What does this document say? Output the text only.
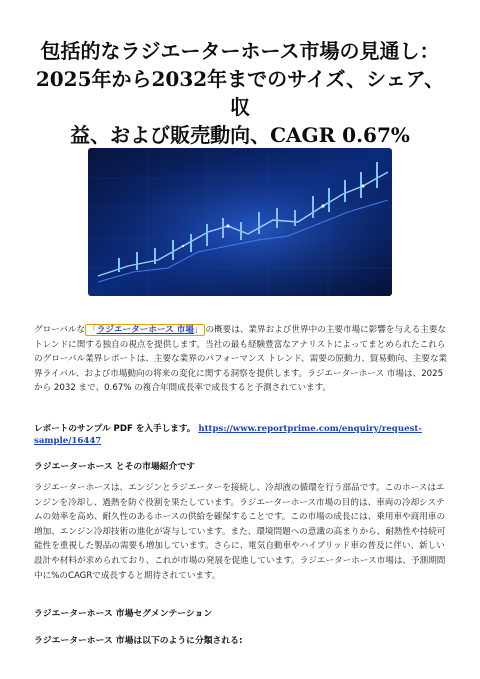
包括的なラジエーターホース市場の見通し：
2025年から2032年までのサイズ、シェア、収
益、および販売動向、CAGR 0.67%
グローバルな 「ラジエーターホース 市場」 の概要は、業界および世界中の主要市場に影響を与える主要なトレンドに関する独自の視点を提供します。当社の最も経験豊富なアナリストによってまとめられたこれらのグローバル業界レポートは、主要な業界のパフォーマンス トレンド、需要の原動力、貿易動向、主要な業界ライバル、および市場動向の将来の変化に関する洞察を提供します。ラジエーターホース 市場は、2025 から 2032 まで、0.67% の複合年間成長率で成長すると予測されています。
レポートのサンプル PDF を入手します。 https://www.reportprime.com/enquiry/request-sample/16447
ラジエーターホース とその市場紹介です
ラジエーターホースは、エンジンとラジエーターを接続し、冷却液の循環を行う部品です。このホースはエンジンを冷却し、過熱を防ぐ役割を果たしています。ラジエーターホース市場の目的は、車両の冷却システムの効率を高め、耐久性のあるホースの供給を確保することです。この市場の成長には、乗用車や商用車の増加、エンジン冷却技術の進化が寄与しています。また、環境問題への意識の高まりから、耐熱性や持続可能性を重視した製品の需要も増加しています。さらに、電気自動車やハイブリッド車の普及に伴い、新しい設計や材料が求められており、これが市場の発展を促進しています。ラジエーターホース市場は、予測期間中に%のCAGRで成長すると期待されています。
ラジエーターホース 市場セグメンテーション
ラジエーターホース 市場は以下のように分類される:
